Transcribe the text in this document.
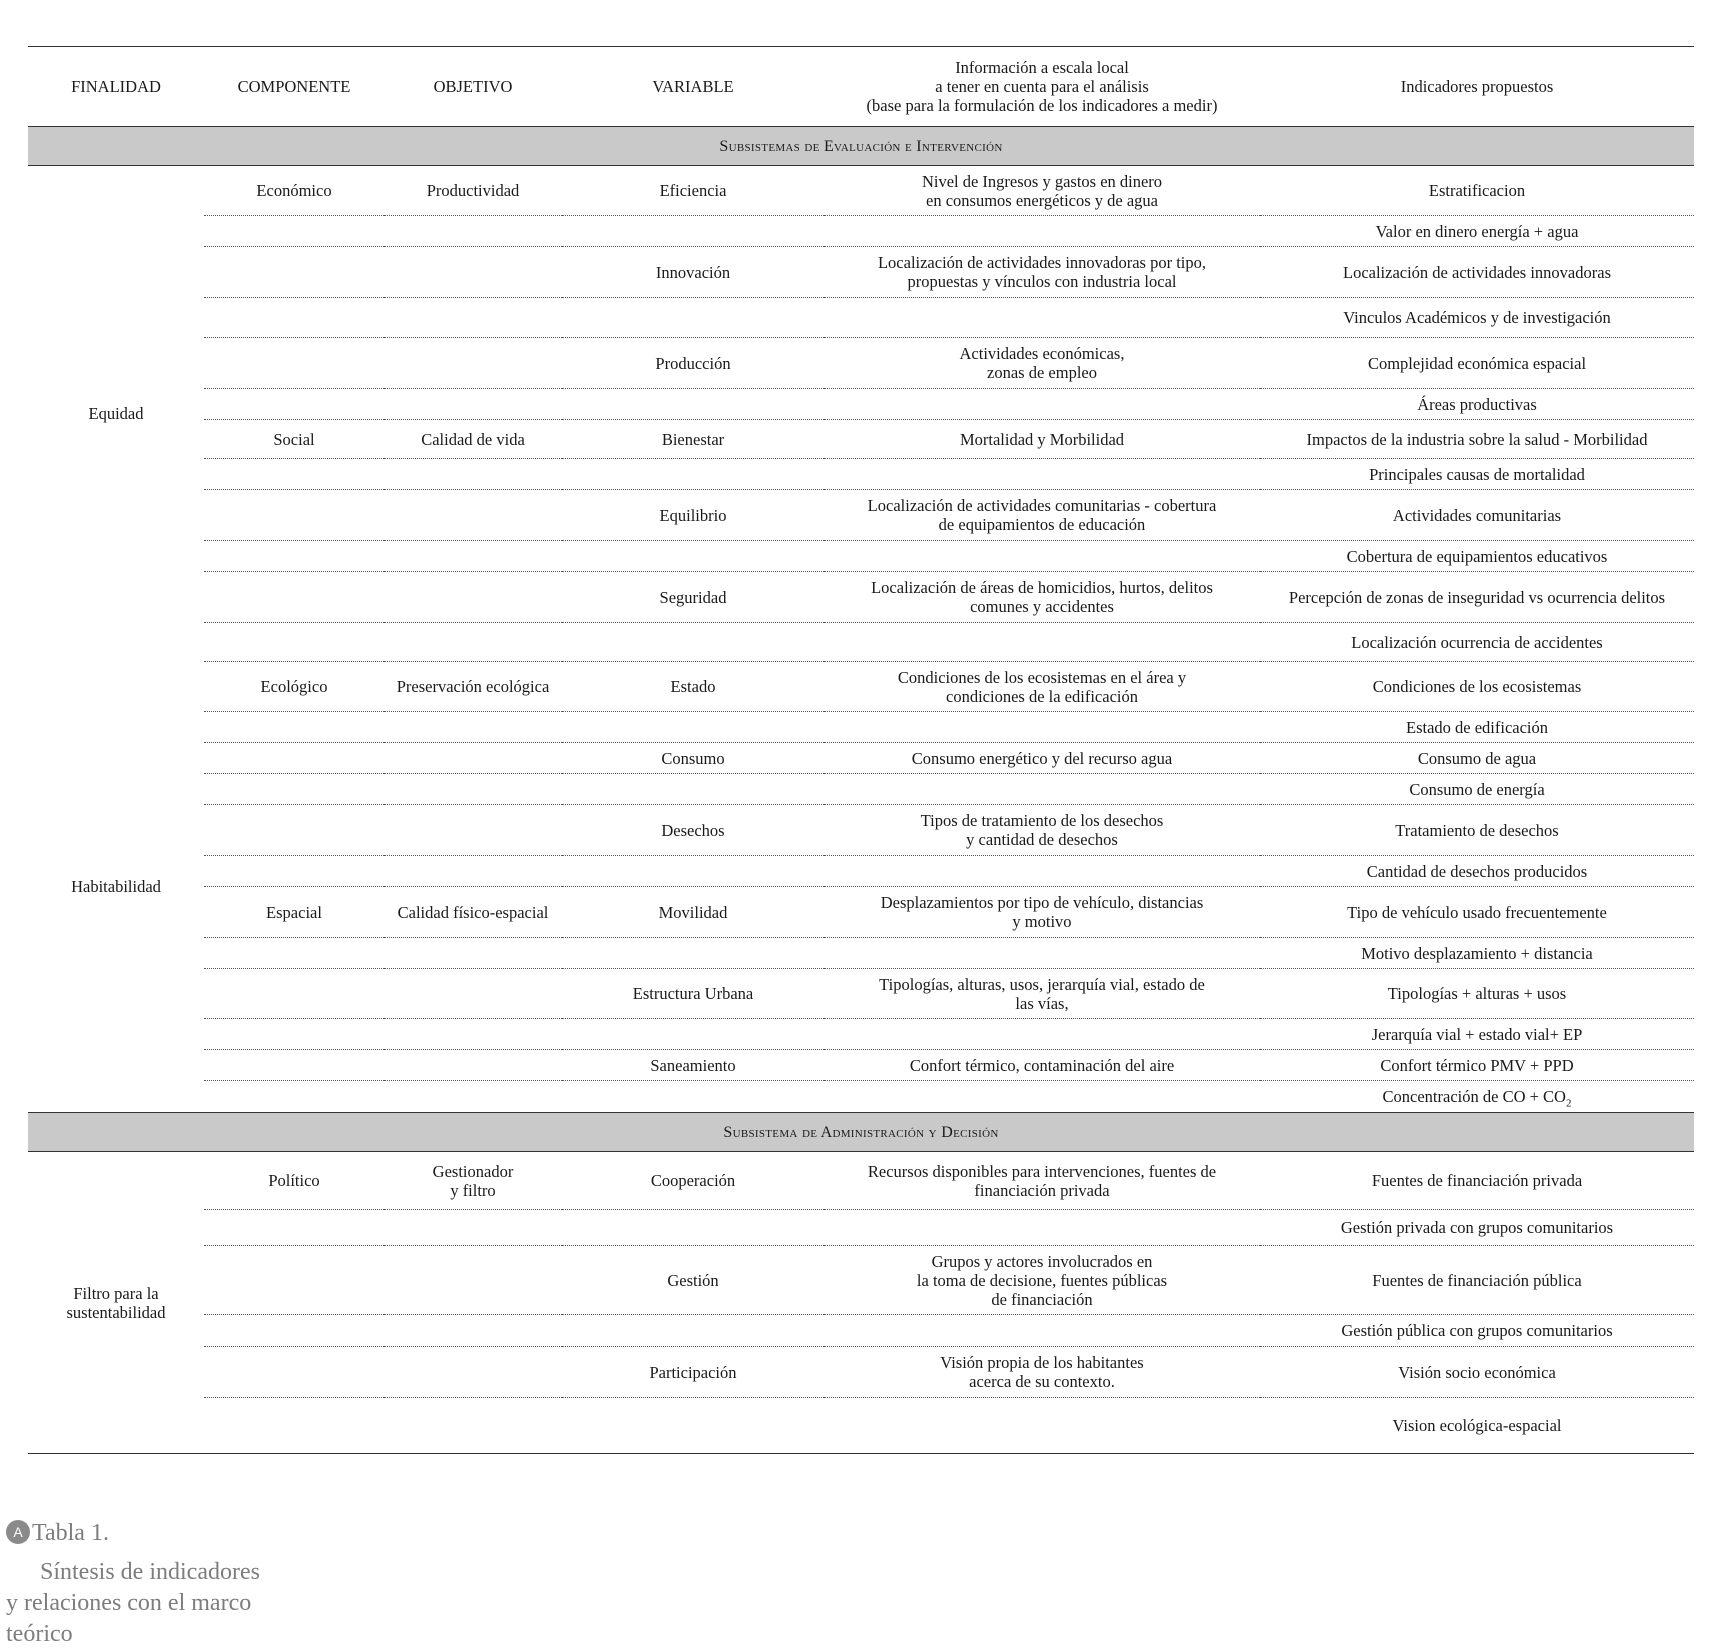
FINALIDAD	COMPONENTE	OBJETIVO	VARIABLE	Información a escala local
a tener en cuenta para el análisis
(base para la formulación de los indicadores a medir)	Indicadores propuestos
Subsistemas de Evaluación e Intervención					
Equidad	Económico	Productividad	Eficiencia	Nivel de Ingresos y gastos en dinero
en consumos energéticos y de agua	Estratificacion
					Valor en dinero energía + agua
			Innovación	Localización de actividades innovadoras por tipo,
propuestas y vínculos con industria local	Localización de actividades innovadoras
					Vinculos Académicos y de investigación
			Producción	Actividades económicas,
zonas de empleo	Complejidad económica espacial
					Áreas productivas
	Social	Calidad de vida	Bienestar	Mortalidad y Morbilidad	Impactos de la industria sobre la salud - Morbilidad
					Principales causas de mortalidad
			Equilibrio	Localización de actividades comunitarias - cobertura
de equipamientos de educación	Actividades comunitarias
					Cobertura de equipamientos educativos
			Seguridad	Localización de áreas de homicidios, hurtos, delitos
comunes y accidentes	Percepción de zonas de inseguridad vs ocurrencia delitos
					Localización ocurrencia de accidentes
Habitabilidad	Ecológico	Preservación ecológica	Estado	Condiciones de los ecosistemas en el área y
condiciones de la edificación	Condiciones de los ecosistemas
					Estado de edificación
			Consumo	Consumo energético y del recurso agua	Consumo de agua
					Consumo de energía
			Desechos	Tipos de tratamiento de los desechos
y cantidad de desechos	Tratamiento de desechos
					Cantidad de desechos producidos
	Espacial	Calidad físico-espacial	Movilidad	Desplazamientos por tipo de vehículo, distancias
y motivo	Tipo de vehículo usado frecuentemente
					Motivo desplazamiento + distancia
			Estructura Urbana	Tipologías, alturas, usos, jerarquía vial, estado de
las vías,	Tipologías + alturas + usos
					Jerarquía vial + estado vial+ EP
			Saneamiento	Confort térmico, contaminación del aire	Confort térmico PMV + PPD
					Concentración de CO + $CO_2$
Subsistema de Administración y Decisión					
Filtro para la
sustentabilidad	Político	Gestionador
y filtro	Cooperación	Recursos disponibles para intervenciones, fuentes de
financiación privada	Fuentes de financiación privada
					Gestión privada con grupos comunitarios
			Gestión	Grupos y actores involucrados en
la toma de decisione, fuentes públicas
de financiación	Fuentes de financiación pública
					Gestión pública con grupos comunitarios
			Participación	Visión propia de los habitantes
acerca de su contexto.	Visión socio económica
					Vision ecológica-espacial
A Tabla 1.
Síntesis de indicadores
y relaciones con el marco
teórico
